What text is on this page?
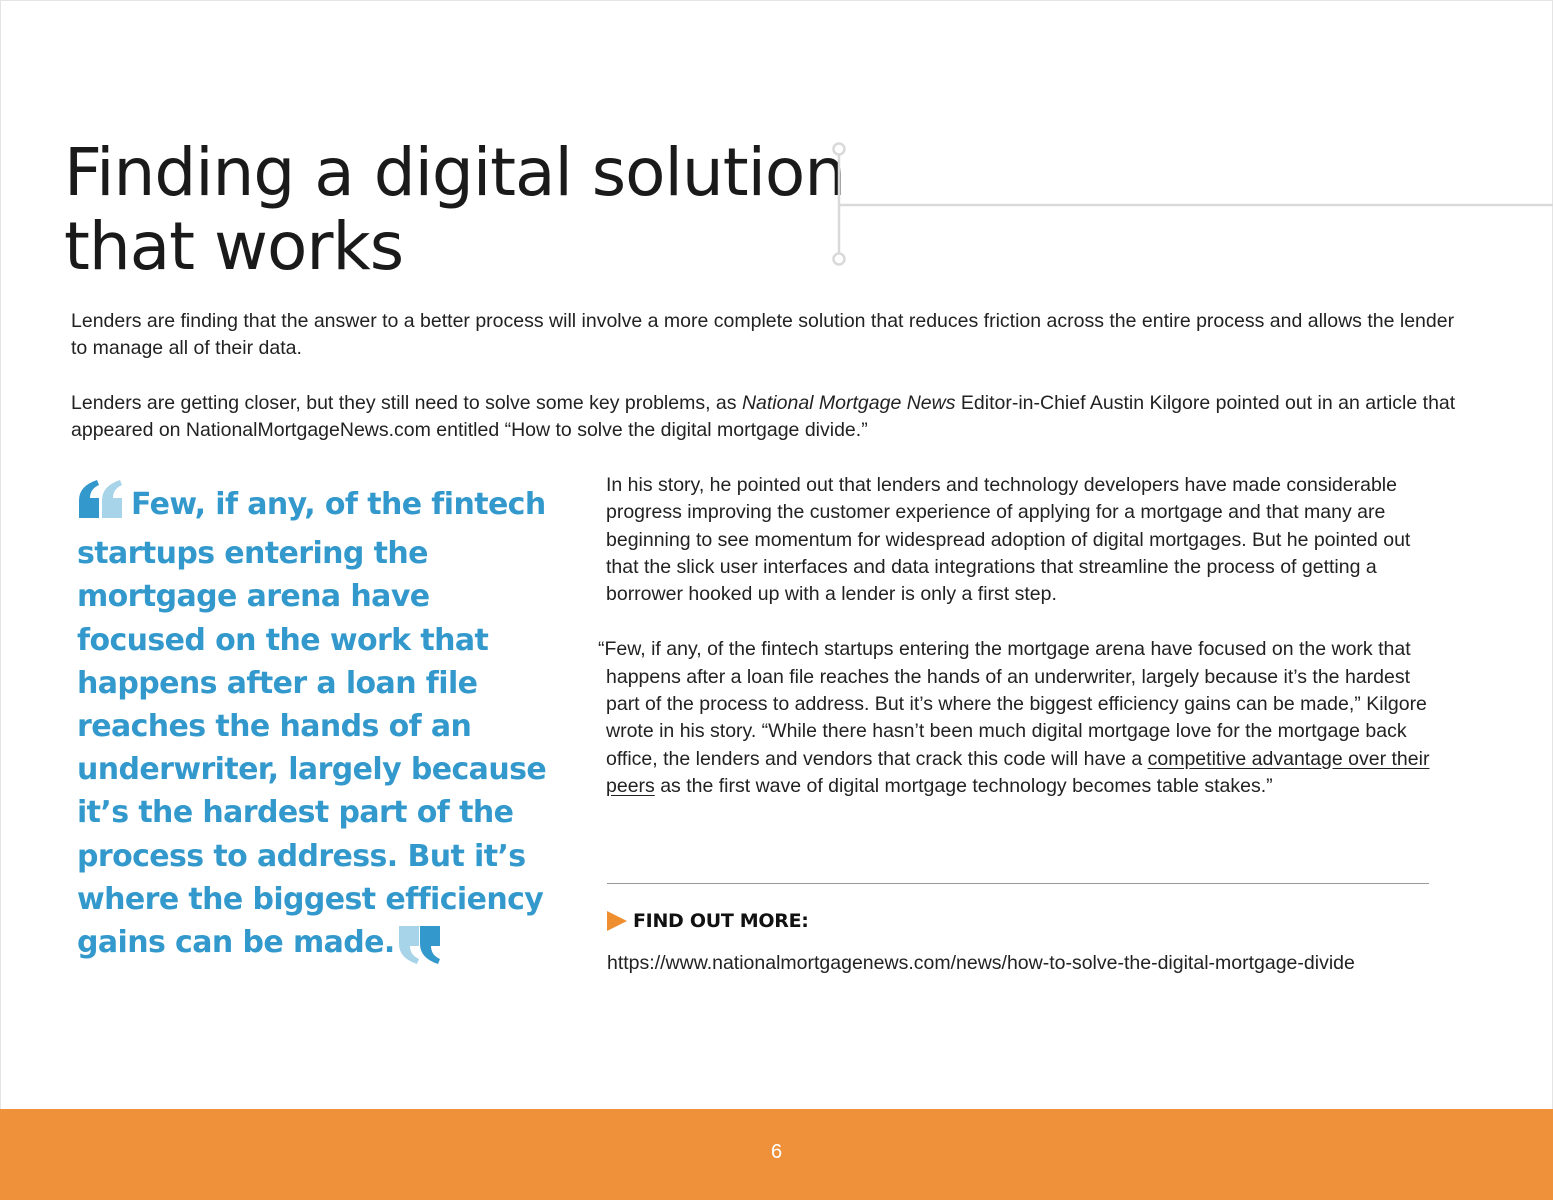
Finding a digital solution
that works

Lenders are finding that the answer to a better process will involve a more complete solution that reduces friction across the entire process and allows the lender to manage all of their data.

Lenders are getting closer, but they still need to solve some key problems, as National Mortgage News Editor-in-Chief Austin Kilgore pointed out in an article that appeared on NationalMortgageNews.com entitled “How to solve the digital mortgage divide.”

Few, if any, of the fintech startups entering the mortgage arena have focused on the work that happens after a loan file reaches the hands of an underwriter, largely because it’s the hardest part of the process to address. But it’s where the biggest efficiency gains can be made.

In his story, he pointed out that lenders and technology developers have made considerable progress improving the customer experience of applying for a mortgage and that many are beginning to see momentum for widespread adoption of digital mortgages. But he pointed out that the slick user interfaces and data integrations that streamline the process of getting a borrower hooked up with a lender is only a first step.

“Few, if any, of the fintech startups entering the mortgage arena have focused on the work that happens after a loan file reaches the hands of an underwriter, largely because it’s the hardest part of the process to address. But it’s where the biggest efficiency gains can be made,” Kilgore wrote in his story. “While there hasn’t been much digital mortgage love for the mortgage back office, the lenders and vendors that crack this code will have a competitive advantage over their peers as the first wave of digital mortgage technology becomes table stakes.”

FIND OUT MORE:
https://www.nationalmortgagenews.com/news/how-to-solve-the-digital-mortgage-divide
6
